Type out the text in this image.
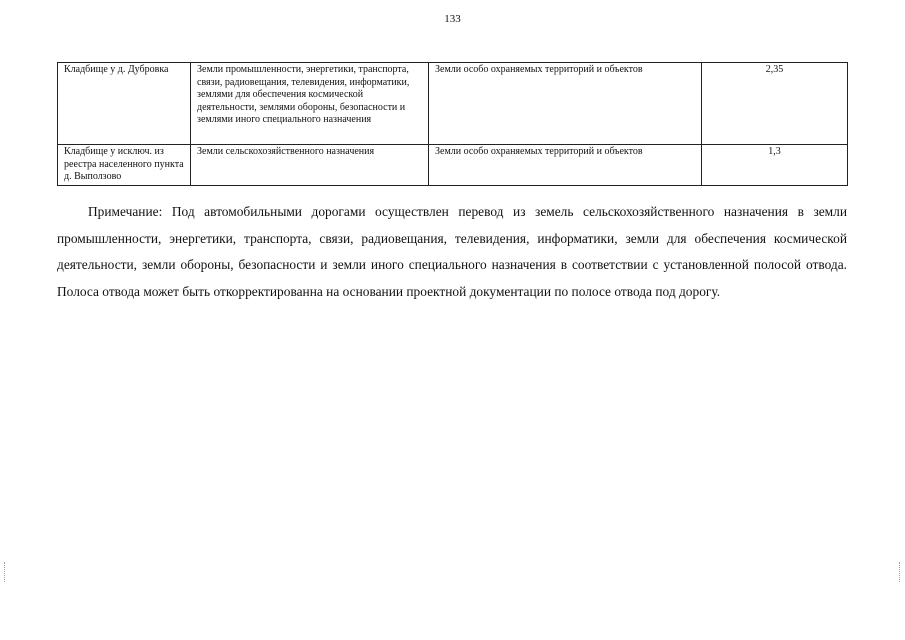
133
Кладбище у д. Дубровка	Земли промышленности, энергетики, транспорта, связи, радиовещания, телевидения, информатики, землями для обеспечения космической деятельности, землями обороны, безопасности и землями иного специального назначения	Земли особо охраняемых территорий и объектов	2,35
Кладбище у исключ. из реестра населенного пункта д. Выползово	Земли сельскохозяйственного назначения	Земли особо охраняемых территорий и объектов	1,3

Примечание: Под автомобильными дорогами осуществлен перевод из земель сельскохозяйственного назначения в земли промышленности, энергетики, транспорта, связи, радиовещания, телевидения, информатики, земли для обеспечения космической деятельности, земли обороны, безопасности и земли иного специального назначения в соответствии с установленной полосой отвода. Полоса отвода может быть откорректированна на основании проектной документации по полосе отвода под дорогу.
